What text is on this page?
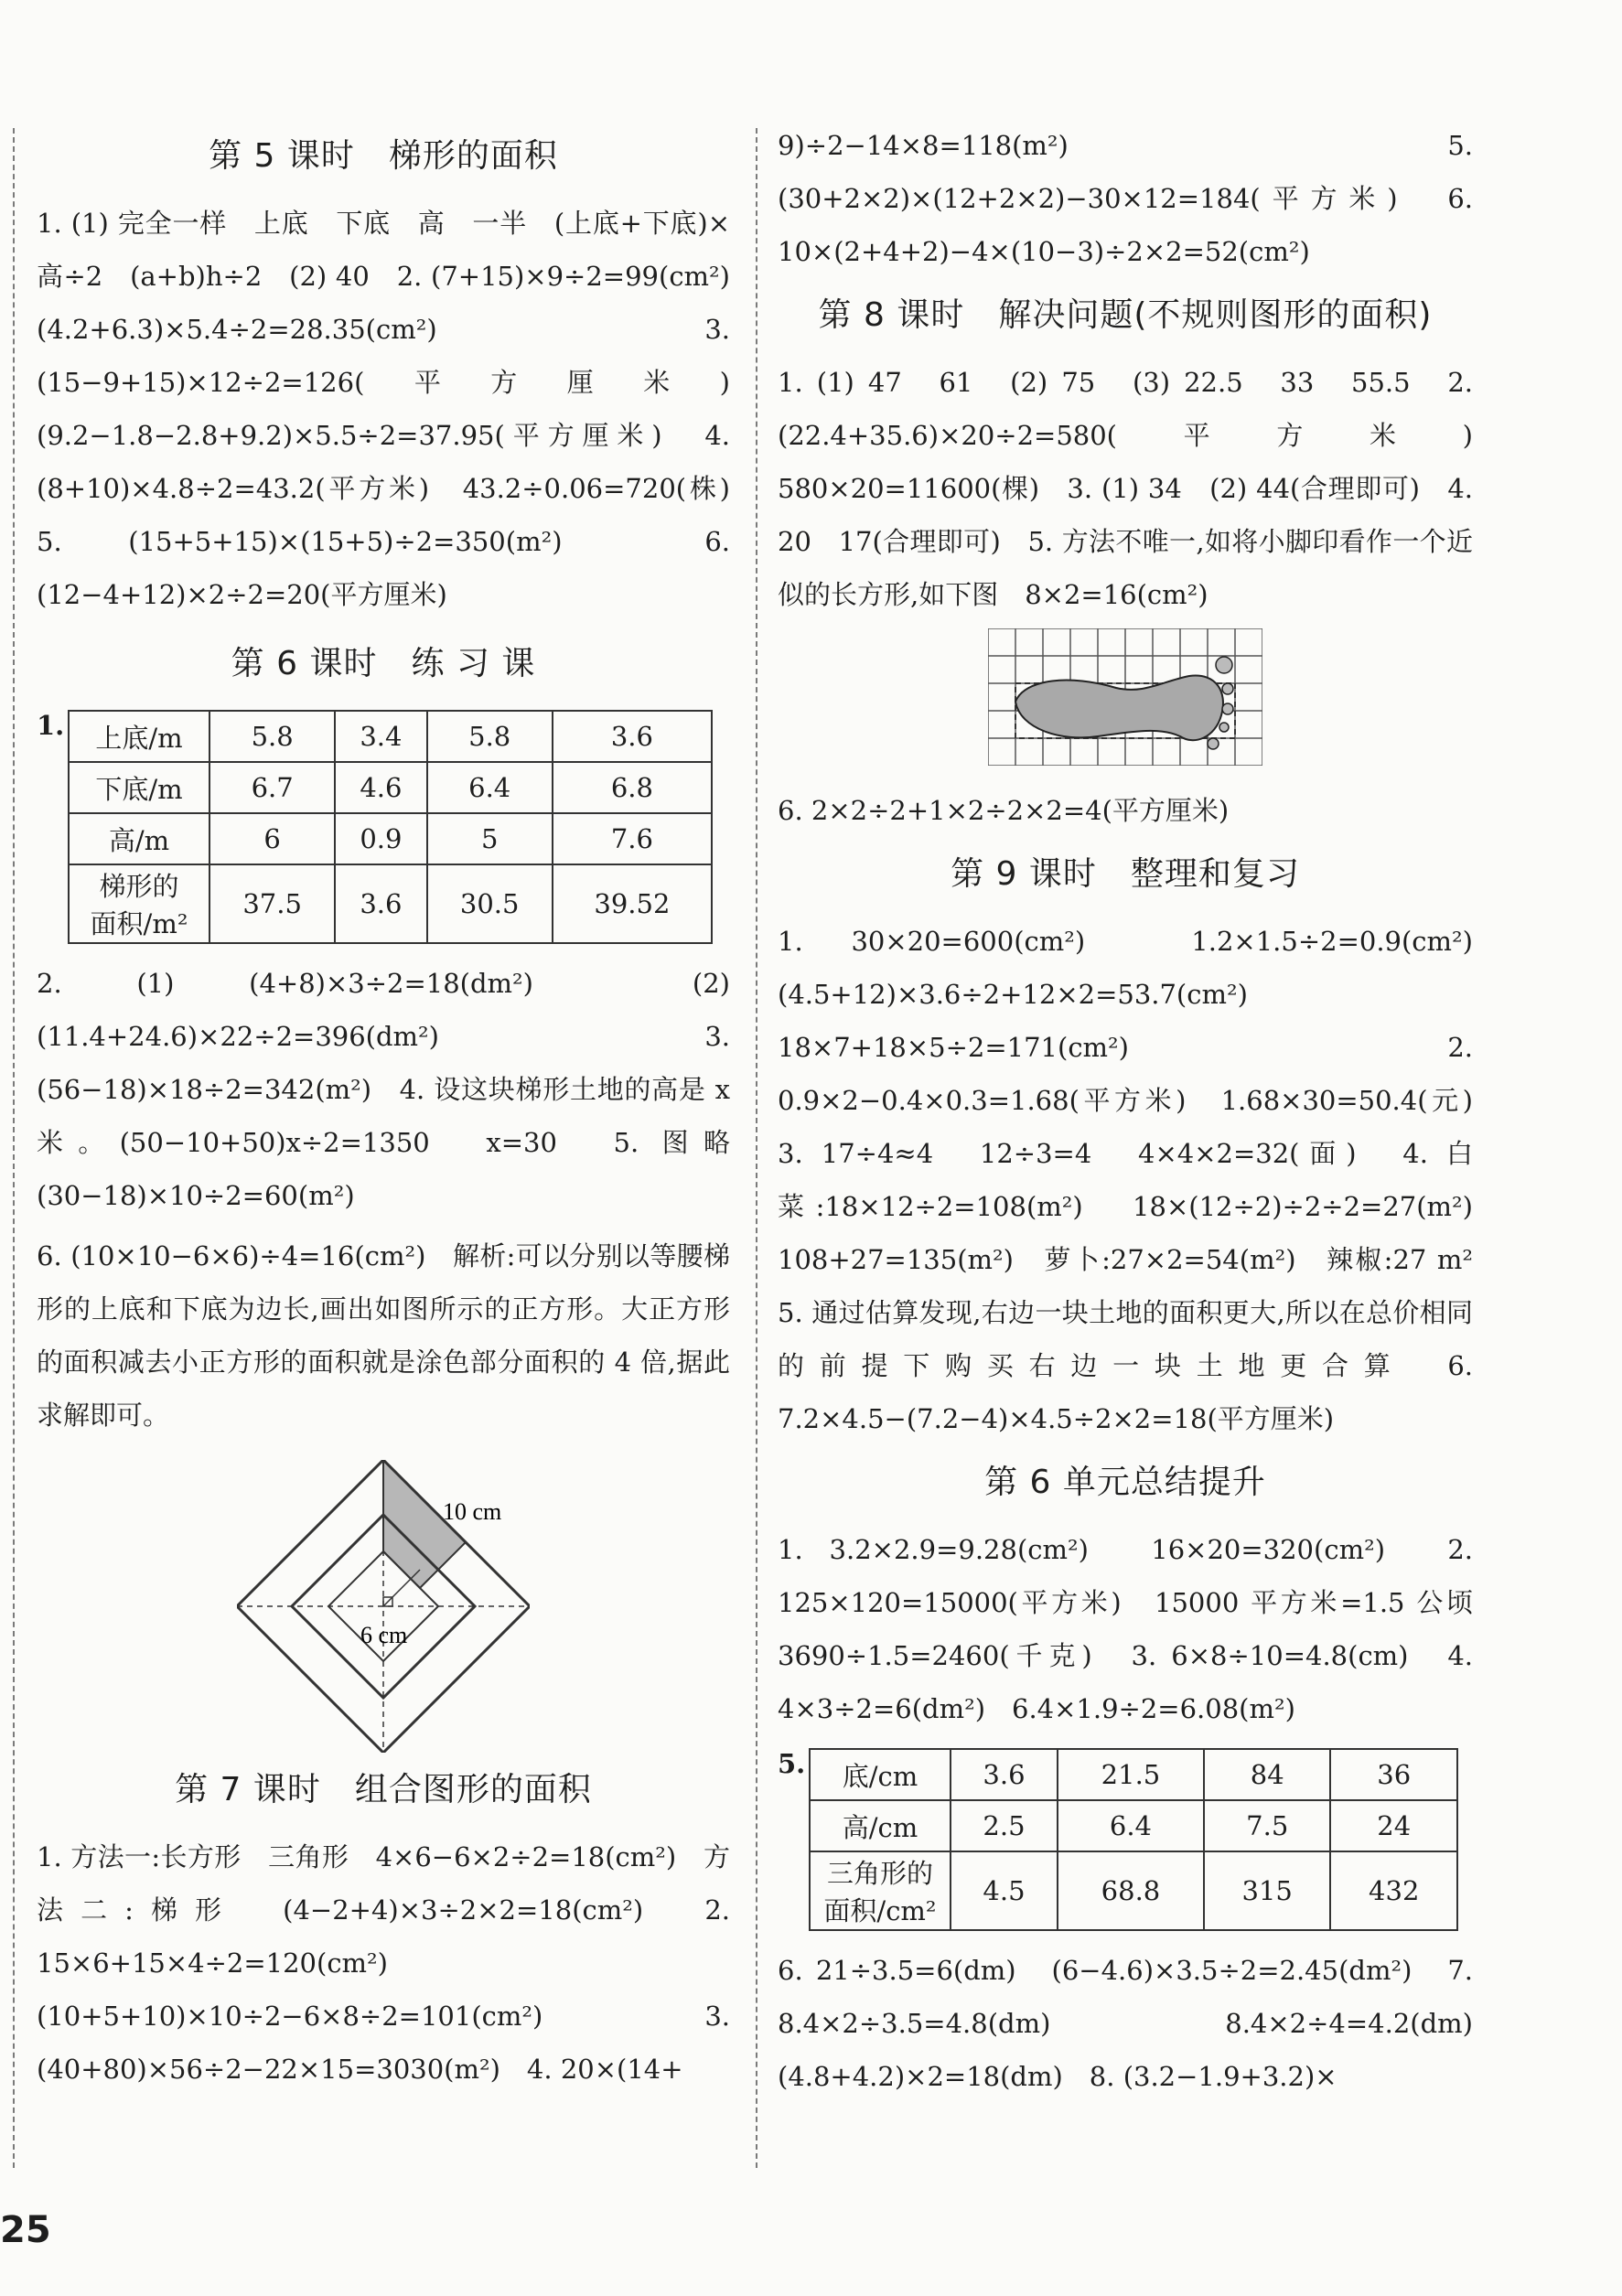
第 5 课时　梯形的面积

1. (1) 完全一样　上底　下底　高　一半　(上底+下底)×高÷2　(a+b)h÷2　(2) 40　2. (7+15)×9÷2=99(cm²)　(4.2+6.3)×5.4÷2=28.35(cm²)　3. (15−9+15)×12÷2=126(平方厘米)　(9.2−1.8−2.8+9.2)×5.5÷2=37.95(平方厘米)　4. (8+10)×4.8÷2=43.2(平方米)　43.2÷0.06=720(株)　5. (15+5+15)×(15+5)÷2=350(m²)　6. (12−4+12)×2÷2=20(平方厘米)

第 6 课时　练 习 课
1. 上底/m	5.8	3.4	5.8	3.6
下底/m	6.7	4.6	6.4	6.8
高/m	6	0.9	5	7.6
梯形的
面积/m²	37.5	3.6	30.5	39.52

2. (1) (4+8)×3÷2=18(dm²)　(2) (11.4+24.6)×22÷2=396(dm²)　3. (56−18)×18÷2=342(m²)　4. 设这块梯形土地的高是 x 米。(50−10+50)x÷2=1350　x=30　5. 图略　(30−18)×10÷2=60(m²)

6. (10×10−6×6)÷4=16(cm²)　解析:可以分别以等腰梯形的上底和下底为边长,画出如图所示的正方形。大正方形的面积减去小正方形的面积就是涂色部分面积的 4 倍,据此求解即可。

10 cm
6 cm
第 7 课时　组合图形的面积

1. 方法一:长方形　三角形　4×6−6×2÷2=18(cm²)　方法二:梯形　(4−2+4)×3÷2×2=18(cm²)　2. 15×6+15×4÷2=120(cm²)　(10+5+10)×10÷2−6×8÷2=101(cm²)　3. (40+80)×56÷2−22×15=3030(m²)　4. 20×(14+

9)÷2−14×8=118(m²)　5. (30+2×2)×(12+2×2)−30×12=184(平方米)　6. 10×(2+4+2)−4×(10−3)÷2×2=52(cm²)

第 8 课时　解决问题(不规则图形的面积)

1. (1) 47　61　(2) 75　(3) 22.5　33　55.5　2. (22.4+35.6)×20÷2=580(平方米)　580×20=11600(棵)　3. (1) 34　(2) 44(合理即可)　4. 20　17(合理即可)　5. 方法不唯一,如将小脚印看作一个近似的长方形,如下图　8×2=16(cm²)

6. 2×2÷2+1×2÷2×2=4(平方厘米)

第 9 课时　整理和复习

1. 30×20=600(cm²)　1.2×1.5÷2=0.9(cm²)　(4.5+12)×3.6÷2+12×2=53.7(cm²)　18×7+18×5÷2=171(cm²)　2. 0.9×2−0.4×0.3=1.68(平方米)　1.68×30=50.4(元)　3. 17÷4≈4　12÷3=4　4×4×2=32(面)　4. 白菜:18×12÷2=108(m²)　18×(12÷2)÷2÷2=27(m²)　108+27=135(m²)　萝卜:27×2=54(m²)　辣椒:27 m²　5. 通过估算发现,右边一块土地的面积更大,所以在总价相同的前提下购买右边一块土地更合算　6. 7.2×4.5−(7.2−4)×4.5÷2×2=18(平方厘米)

第 6 单元总结提升

1. 3.2×2.9=9.28(cm²)　16×20=320(cm²)　2. 125×120=15000(平方米)　15000 平方米=1.5 公顷　3690÷1.5=2460(千克)　3. 6×8÷10=4.8(cm)　4. 4×3÷2=6(dm²)　6.4×1.9÷2=6.08(m²)

5. 底/cm	3.6	21.5	84	36
高/cm	2.5	6.4	7.5	24
三角形的
面积/cm²	4.5	68.8	315	432

6. 21÷3.5=6(dm)　(6−4.6)×3.5÷2=2.45(dm²)　7. 8.4×2÷3.5=4.8(dm)　8.4×2÷4=4.2(dm)　(4.8+4.2)×2=18(dm)　8. (3.2−1.9+3.2)×

25
